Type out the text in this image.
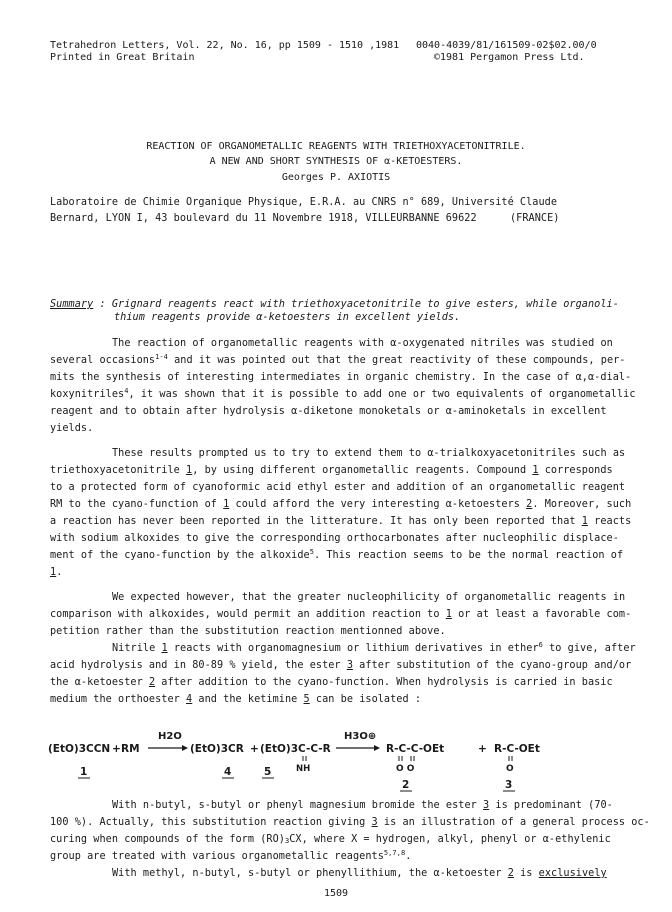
Tetrahedron Letters, Vol. 22, No. 16, pp 1509 - 1510 ,1981
Printed in Great Britain
0040-4039/81/161509-02$02.00/0
©1981 Pergamon Press Ltd.
REACTION OF ORGANOMETALLIC REAGENTS WITH TRIETHOXYACETONITRILE.
A NEW AND SHORT SYNTHESIS OF α-KETOESTERS.
Georges P. AXIOTIS
Laboratoire de Chimie Organique Physique, E.R.A. au CNRS n° 689, Université Claude
Bernard, LYON I, 43 boulevard du 11 Novembre 1918, VILLEURBANNE 69622	(FRANCE)
Summary : Grignard reagents react with triethoxyacetonitrile to give esters, while organoli-
thium reagents provide α-ketoesters in excellent yields.
The reaction of organometallic reagents with α-oxygenated nitriles was studied on
several occasions$^{1-4}$ and it was pointed out that the great reactivity of these compounds, per-
mits the synthesis of interesting intermediates in organic chemistry. In the case of α,α-dial-
koxynitriles$^4$, it was shown that it is possible to add one or two equivalents of organometallic
reagent and to obtain after hydrolysis α-diketone monoketals or α-aminoketals in excellent
yields.
These results prompted us to try to extend them to α-trialkoxyacetonitriles such as
triethoxyacetonitrile 1, by using different organometallic reagents. Compound 1 corresponds
to a protected form of cyanoformic acid ethyl ester and addition of an organometallic reagent
RM to the cyano-function of 1 could afford the very interesting α-ketoesters 2. Moreover, such
a reaction has never been reported in the litterature. It has only been reported that 1 reacts
with sodium alkoxides to give the corresponding orthocarbonates after nucleophilic displace-
ment of the cyano-function by the alkoxide$^5$. This reaction seems to be the normal reaction of
1.
We expected however, that the greater nucleophilicity of organometallic reagents in
comparison with alkoxides, would permit an addition reaction to 1 or at least a favorable com-
petition rather than the substitution reaction mentionned above.
Nitrile 1 reacts with organomagnesium or lithium derivatives in ether$^6$ to give, after
acid hydrolysis and in 80-89 % yield, the ester 3 after substitution of the cyano-group and/or
the α-ketoester 2 after addition to the cyano-function. When hydrolysis is carried in basic
medium the orthoester 4 and the ketimine 5 can be isolated :
(EtO)3CCN + RM
H2O
(EtO)3CR + (EtO)3C-C-R
NH
H3O⊕
R-C-C-OEt
O O
+ R-C-OEt
O
1	4	5
2	3
With n-butyl, s-butyl or phenyl magnesium bromide the ester 3 is predominant (70-
100 %). Actually, this substitution reaction giving 3 is an illustration of a general process oc-
curing when compounds of the form (RO)3CX, where X = hydrogen, alkyl, phenyl or α-ethylenic
group are treated with various organometallic reagents$^{5,7,8}$.
With methyl, n-butyl, s-butyl or phenyllithium, the α-ketoester 2 is exclusively
1509
